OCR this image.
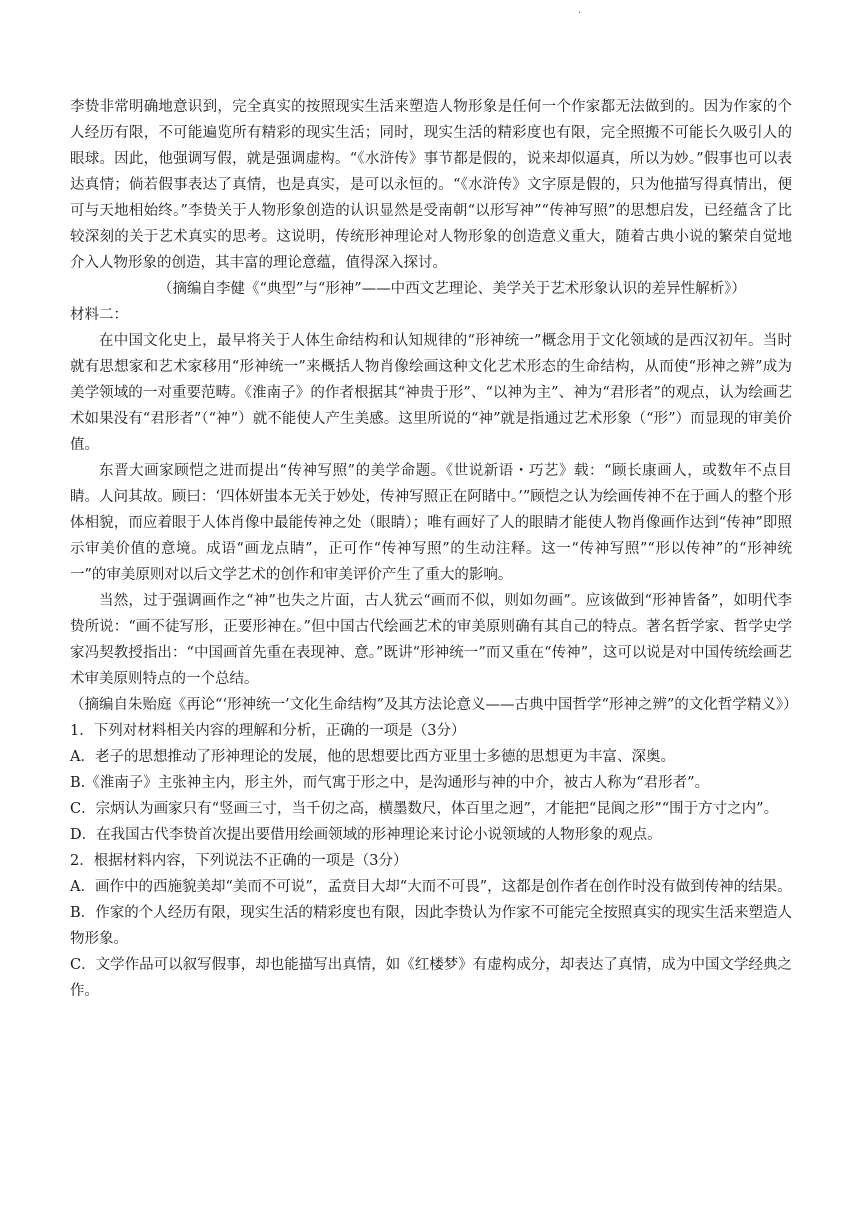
·

李贽非常明确地意识到，完全真实的按照现实生活来塑造人物形象是任何一个作家都无法做到的。因为作家的个人经历有限，不可能遍览所有精彩的现实生活；同时，现实生活的精彩度也有限，完全照搬不可能长久吸引人的眼球。因此，他强调写假，就是强调虚构。“《水浒传》事节都是假的，说来却似逼真，所以为妙。”假事也可以表达真情；倘若假事表达了真情，也是真实，是可以永恒的。“《水浒传》文字原是假的，只为他描写得真情出，便可与天地相始终。”李贽关于人物形象创造的认识显然是受南朝“以形写神”“传神写照”的思想启发，已经蕴含了比较深刻的关于艺术真实的思考。这说明，传统形神理论对人物形象的创造意义重大，随着古典小说的繁荣自觉地介入人物形象的创造，其丰富的理论意蕴，值得深入探讨。

（摘编自李健《“典型”与“形神”——中西文艺理论、美学关于艺术形象认识的差异性解析》）

材料二：

在中国文化史上，最早将关于人体生命结构和认知规律的“形神统一”概念用于文化领域的是西汉初年。当时就有思想家和艺术家移用“形神统一”来概括人物肖像绘画这种文化艺术形态的生命结构，从而使“形神之辨”成为美学领域的一对重要范畴。《淮南子》的作者根据其“神贵于形”、“以神为主”、神为“君形者”的观点，认为绘画艺术如果没有“君形者”（“神”）就不能使人产生美感。这里所说的“神”就是指通过艺术形象（“形”）而显现的审美价值。

东晋大画家顾恺之进而提出“传神写照”的美学命题。《世说新语・巧艺》载：“顾长康画人，或数年不点目睛。人问其故。顾曰：‘四体妍蚩本无关于妙处，传神写照正在阿睹中。’”顾恺之认为绘画传神不在于画人的整个形体相貌，而应着眼于人体肖像中最能传神之处（眼睛）；唯有画好了人的眼睛才能使人物肖像画作达到“传神”即照示审美价值的意境。成语“画龙点睛”，正可作“传神写照”的生动注释。这一“传神写照”“形以传神”的“形神统一”的审美原则对以后文学艺术的创作和审美评价产生了重大的影响。

当然，过于强调画作之“神”也失之片面，古人犹云“画而不似，则如勿画”。应该做到“形神皆备”，如明代李贽所说：“画不徒写形，正要形神在。”但中国古代绘画艺术的审美原则确有其自己的特点。著名哲学家、哲学史学家冯契教授指出：“中国画首先重在表现神、意。”既讲“形神统一”而又重在“传神”，这可以说是对中国传统绘画艺术审美原则特点的一个总结。

（摘编自朱贻庭《再论“‘形神统一’文化生命结构”及其方法论意义——古典中国哲学“形神之辨”的文化哲学精义》）

1．下列对材料相关内容的理解和分析，正确的一项是（3分）

A．老子的思想推动了形神理论的发展，他的思想要比西方亚里士多德的思想更为丰富、深奥。

B.《淮南子》主张神主内，形主外，而气寓于形之中，是沟通形与神的中介，被古人称为“君形者”。

C．宗炳认为画家只有“竖画三寸，当千仞之高，横墨数尺，体百里之迥”，才能把“昆阆之形”“围于方寸之内”。

D．在我国古代李贽首次提出要借用绘画领域的形神理论来讨论小说领域的人物形象的观点。

2．根据材料内容，下列说法不正确的一项是（3分）

A．画作中的西施貌美却“美而不可说”，孟贲目大却“大而不可畏”，这都是创作者在创作时没有做到传神的结果。

B．作家的个人经历有限，现实生活的精彩度也有限，因此李贽认为作家不可能完全按照真实的现实生活来塑造人物形象。

C．文学作品可以叙写假事，却也能描写出真情，如《红楼梦》有虚构成分，却表达了真情，成为中国文学经典之作。
